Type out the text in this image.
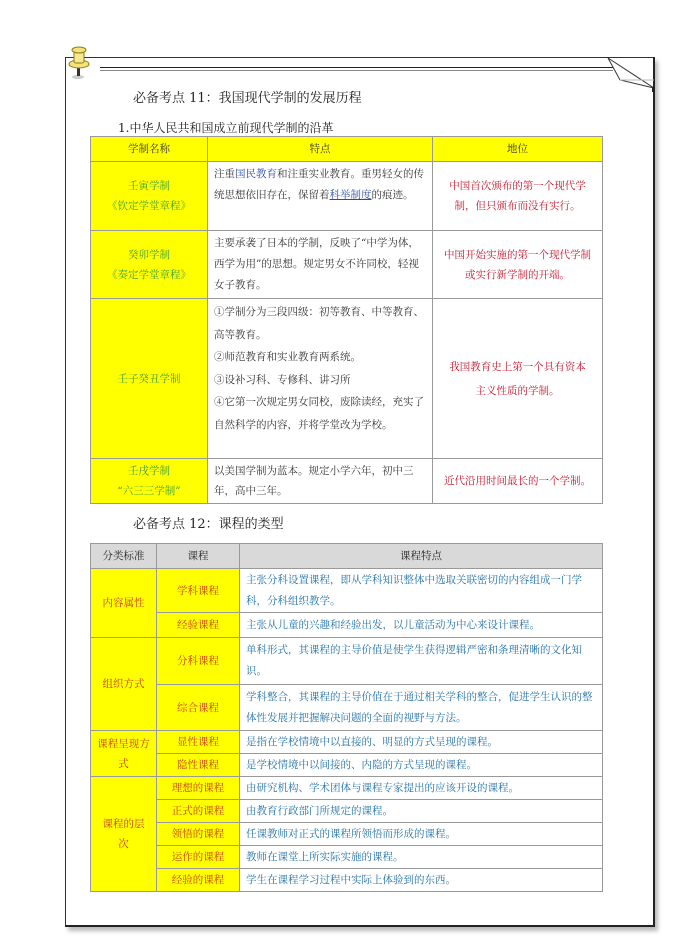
必备考点 11：我国现代学制的发展历程
1.中华人民共和国成立前现代学制的沿革
学制名称	特点	地位

壬寅学制
《钦定学堂章程》	注重国民教育和注重实业教育。重男轻女的传统思想依旧存在，保留着科举制度的痕迹。	中国首次颁布的第一个现代学制，但只颁布而没有实行。

癸卯学制
《奏定学堂章程》	主要承袭了日本的学制，反映了“中学为体，西学为用”的思想。规定男女不许同校，轻视女子教育。	中国开始实施的第一个现代学制或实行新学制的开端。

壬子癸丑学制	①学制分为三段四级：初等教育、中等教育、高等教育。
②师范教育和实业教育两系统。
③设补习科、专修科、讲习所
④它第一次规定男女同校，废除读经，充实了自然科学的内容，并将学堂改为学校。	我国教育史上第一个具有资本主义性质的学制。

壬戌学制
“六三三学制”	以美国学制为蓝本。规定小学六年，初中三年，高中三年。	近代沿用时间最长的一个学制。
必备考点 12：课程的类型
分类标准	课程	课程特点
内容属性	学科课程	主张分科设置课程，即从学科知识整体中选取关联密切的内容组成一门学科，分科组织教学。
	经验课程	主张从儿童的兴趣和经验出发，以儿童活动为中心来设计课程。
组织方式	分科课程	单科形式，其课程的主导价值是使学生获得逻辑严密和条理清晰的文化知识。
	综合课程	学科整合，其课程的主导价值在于通过相关学科的整合，促进学生认识的整体性发展并把握解决问题的全面的视野与方法。
课程呈现方式	显性课程	是指在学校情境中以直接的、明显的方式呈现的课程。
	隐性课程	是学校情境中以间接的、内隐的方式呈现的课程。
课程的层次	理想的课程	由研究机构、学术团体与课程专家提出的应该开设的课程。
	正式的课程	由教育行政部门所规定的课程。
	领悟的课程	任课教师对正式的课程所领悟而形成的课程。
	运作的课程	教师在课堂上所实际实施的课程。
	经验的课程	学生在课程学习过程中实际上体验到的东西。
